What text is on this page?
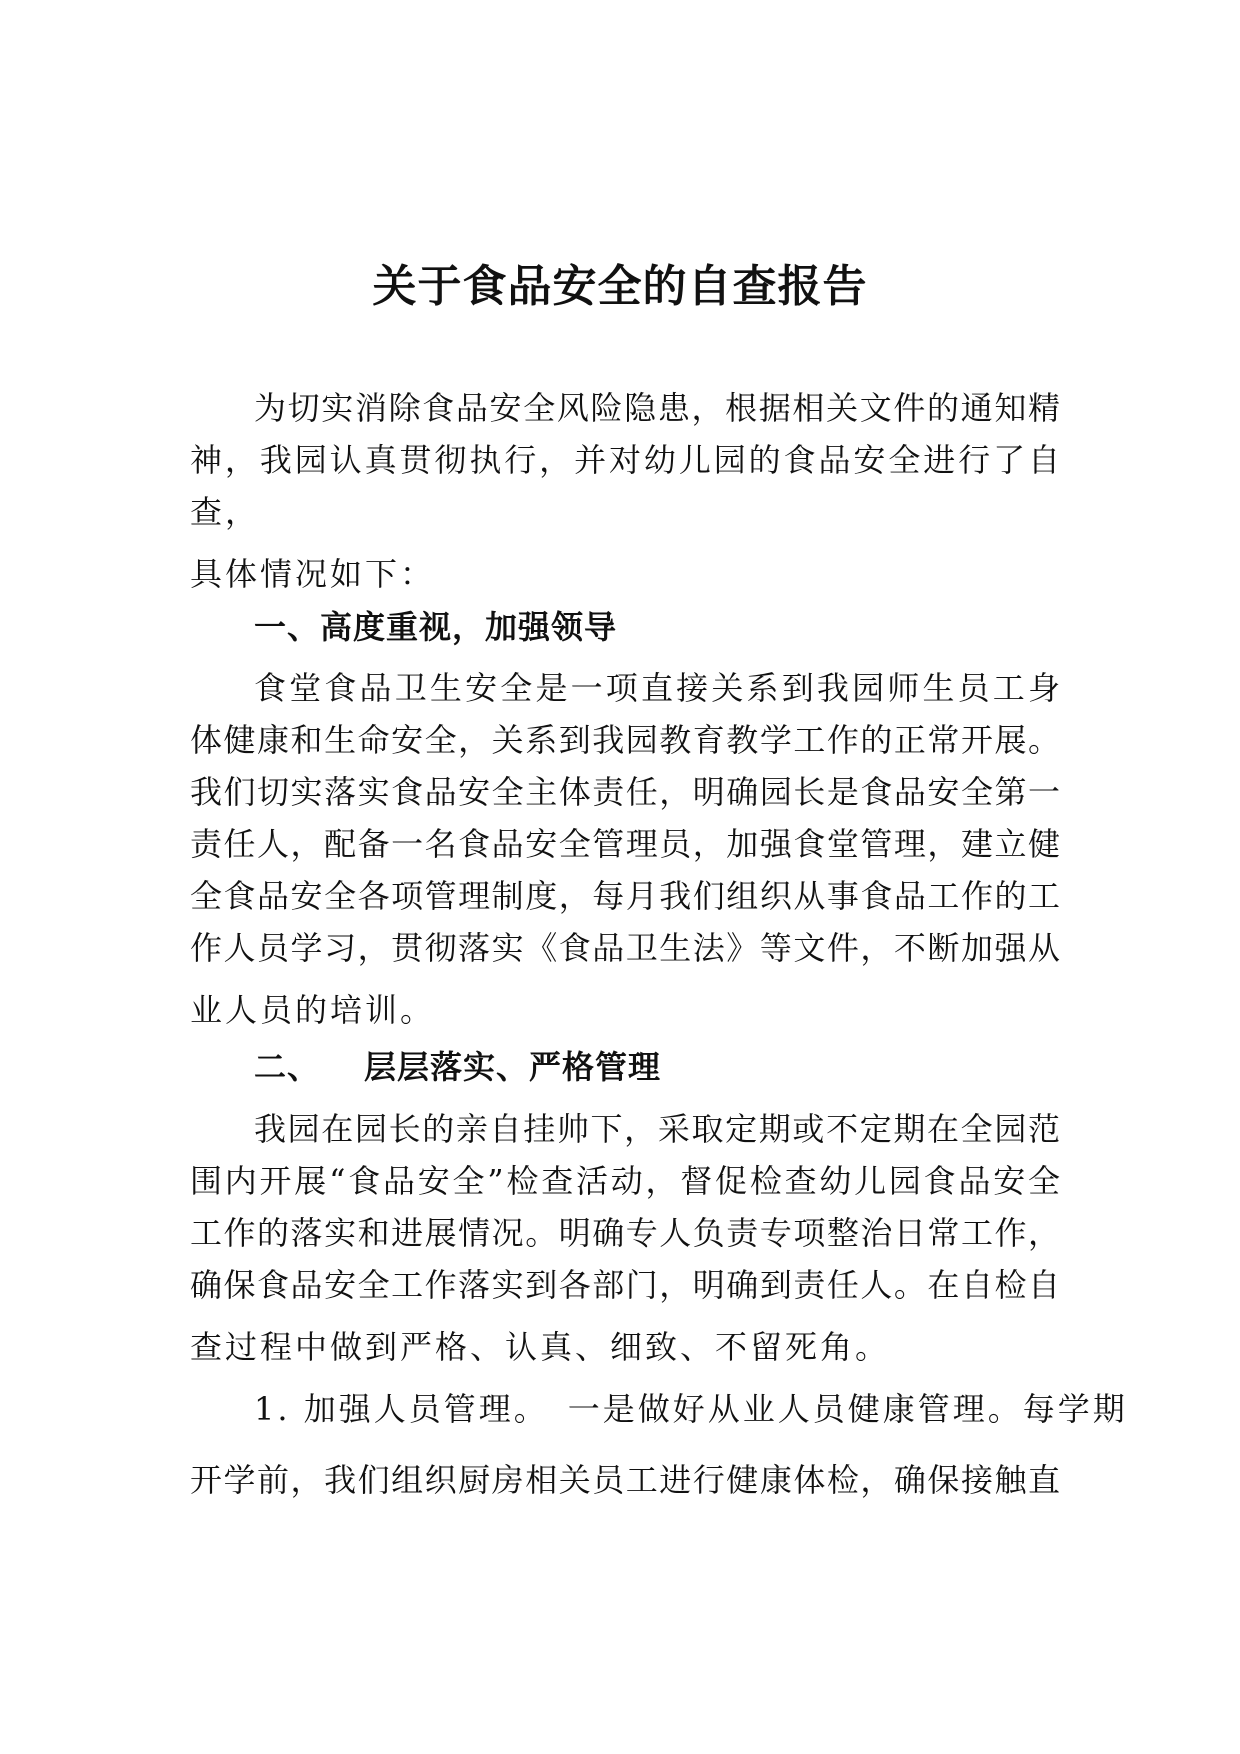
关于食品安全的自查报告
为切实消除食品安全风险隐患，根据相关文件的通知精
神，我园认真贯彻执行，并对幼儿园的食品安全进行了自
查，
具体情况如下：
一、高度重视，加强领导
食堂食品卫生安全是一项直接关系到我园师生员工身
体健康和生命安全，关系到我园教育教学工作的正常开展。
我们切实落实食品安全主体责任，明确园长是食品安全第一
责任人，配备一名食品安全管理员，加强食堂管理，建立健
全食品安全各项管理制度，每月我们组织从事食品工作的工
作人员学习，贯彻落实《食品卫生法》等文件，不断加强从
业人员的培训。
二、 层层落实、严格管理
我园在园长的亲自挂帅下，采取定期或不定期在全园范
围内开展“食品安全”检查活动，督促检查幼儿园食品安全
工作的落实和进展情况。明确专人负责专项整治日常工作，
确保食品安全工作落实到各部门，明确到责任人。在自检自
查过程中做到严格、认真、细致、不留死角。
1. 加强人员管理。　一是做好从业人员健康管理。每学期
开学前，我们组织厨房相关员工进行健康体检，确保接触直
